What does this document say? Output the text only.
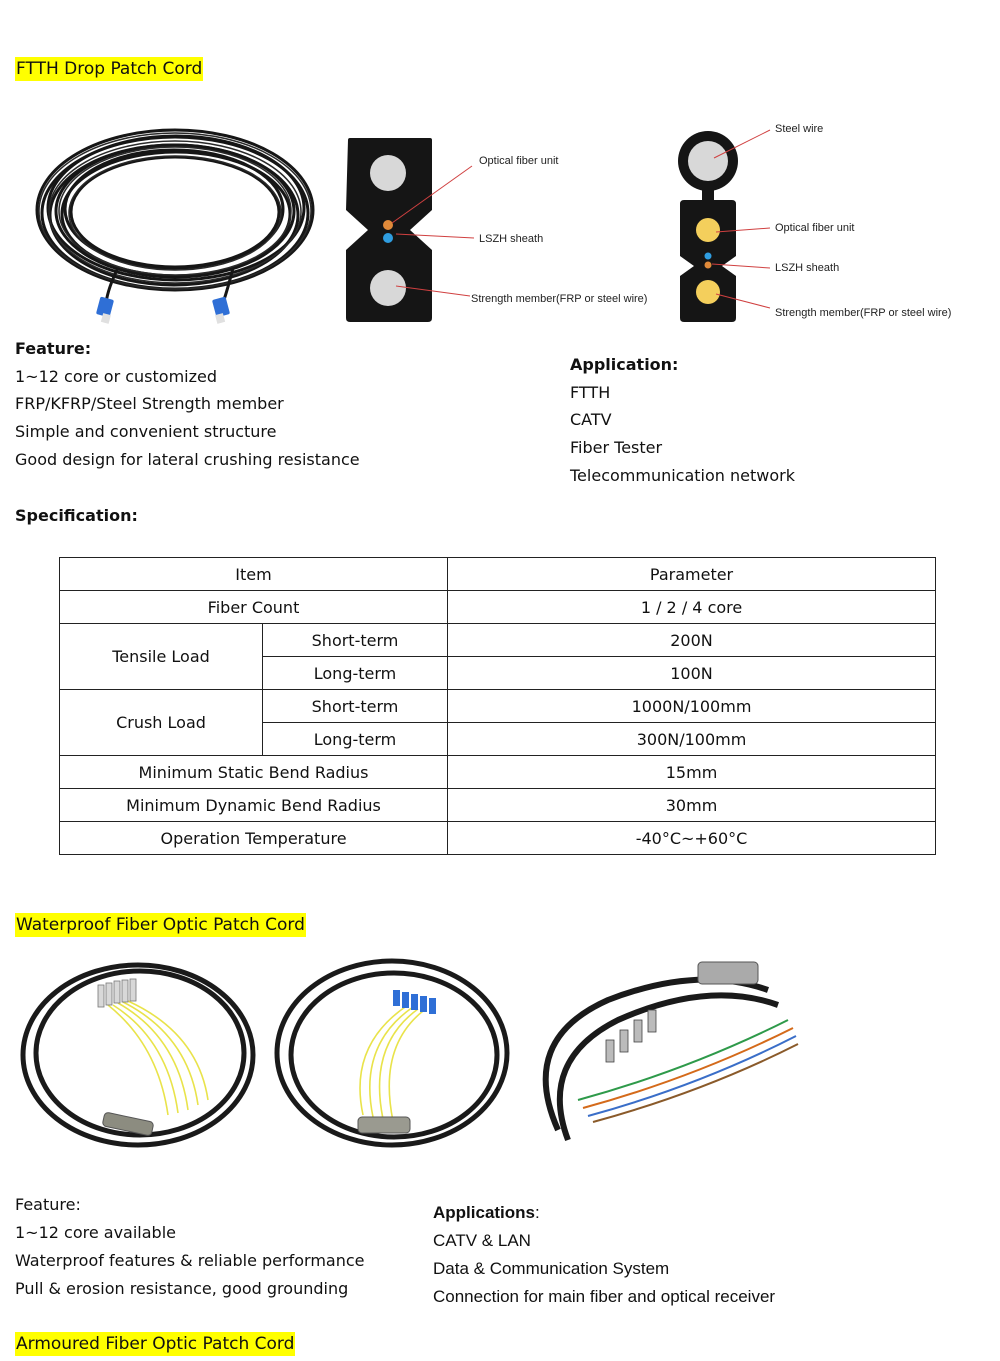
FTTH Drop Patch Cord
Optical fiber unit
LSZH sheath
Strength member(FRP or steel wire)
Steel wire
Optical fiber unit
LSZH sheath
Strength member(FRP or steel wire)
Feature:
1~12 core or customized
FRP/KFRP/Steel Strength member
Simple and convenient structure
Good design for lateral crushing resistance
Application:
FTTH
CATV
Fiber Tester
Telecommunication network
Specification:
Item		Parameter
Fiber Count		1 / 2 / 4 core
Tensile Load	Short-term	200N
	Long-term	100N
Crush Load	Short-term	1000N/100mm
	Long-term	300N/100mm
Minimum Static Bend Radius		15mm
Minimum Dynamic Bend Radius		30mm
Operation Temperature		-40°C~+60°C
Waterproof Fiber Optic Patch Cord
Feature:
1~12 core available
Waterproof features & reliable performance
Pull & erosion resistance, good grounding
Applications:
CATV & LAN
Data & Communication System
Connection for main fiber and optical receiver
Armoured Fiber Optic Patch Cord
